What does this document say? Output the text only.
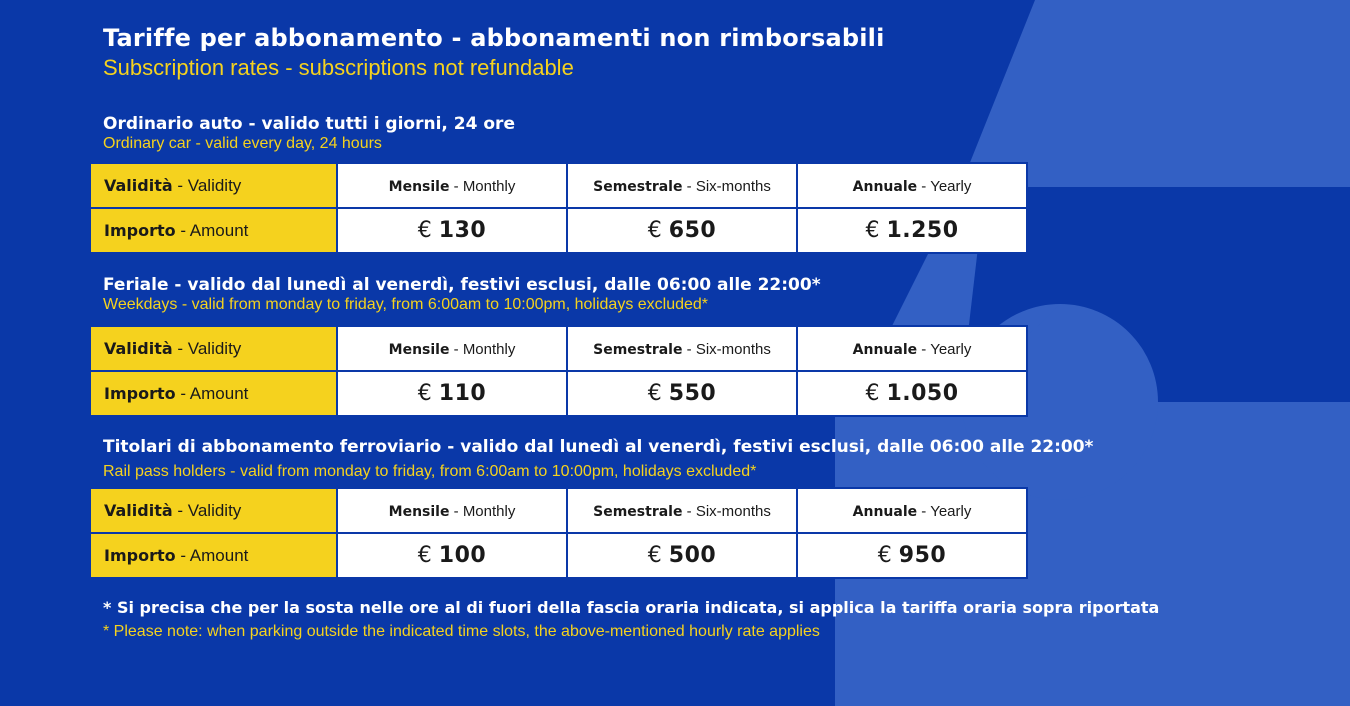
Tariffe per abbonamento - abbonamenti non rimborsabili
Subscription rates - subscriptions not refundable
Ordinario auto - valido tutti i giorni, 24 ore
Ordinary car - valid every day, 24 hours
Validità - Validity	Mensile - Monthly	Semestrale - Six-months	Annuale - Yearly
Importo - Amount	€ 130	€ 650	€ 1.250
Feriale - valido dal lunedì al venerdì, festivi esclusi, dalle 06:00 alle 22:00*
Weekdays - valid from monday to friday, from 6:00am to 10:00pm, holidays excluded*
Validità - Validity	Mensile - Monthly	Semestrale - Six-months	Annuale - Yearly
Importo - Amount	€ 110	€ 550	€ 1.050
Titolari di abbonamento ferroviario - valido dal lunedì al venerdì, festivi esclusi, dalle 06:00 alle 22:00*
Rail pass holders - valid from monday to friday, from 6:00am to 10:00pm, holidays excluded*
Validità - Validity	Mensile - Monthly	Semestrale - Six-months	Annuale - Yearly
Importo - Amount	€ 100	€ 500	€ 950
* Si precisa che per la sosta nelle ore al di fuori della fascia oraria indicata, si applica la tariffa oraria sopra riportata
* Please note: when parking outside the indicated time slots, the above-mentioned hourly rate applies
